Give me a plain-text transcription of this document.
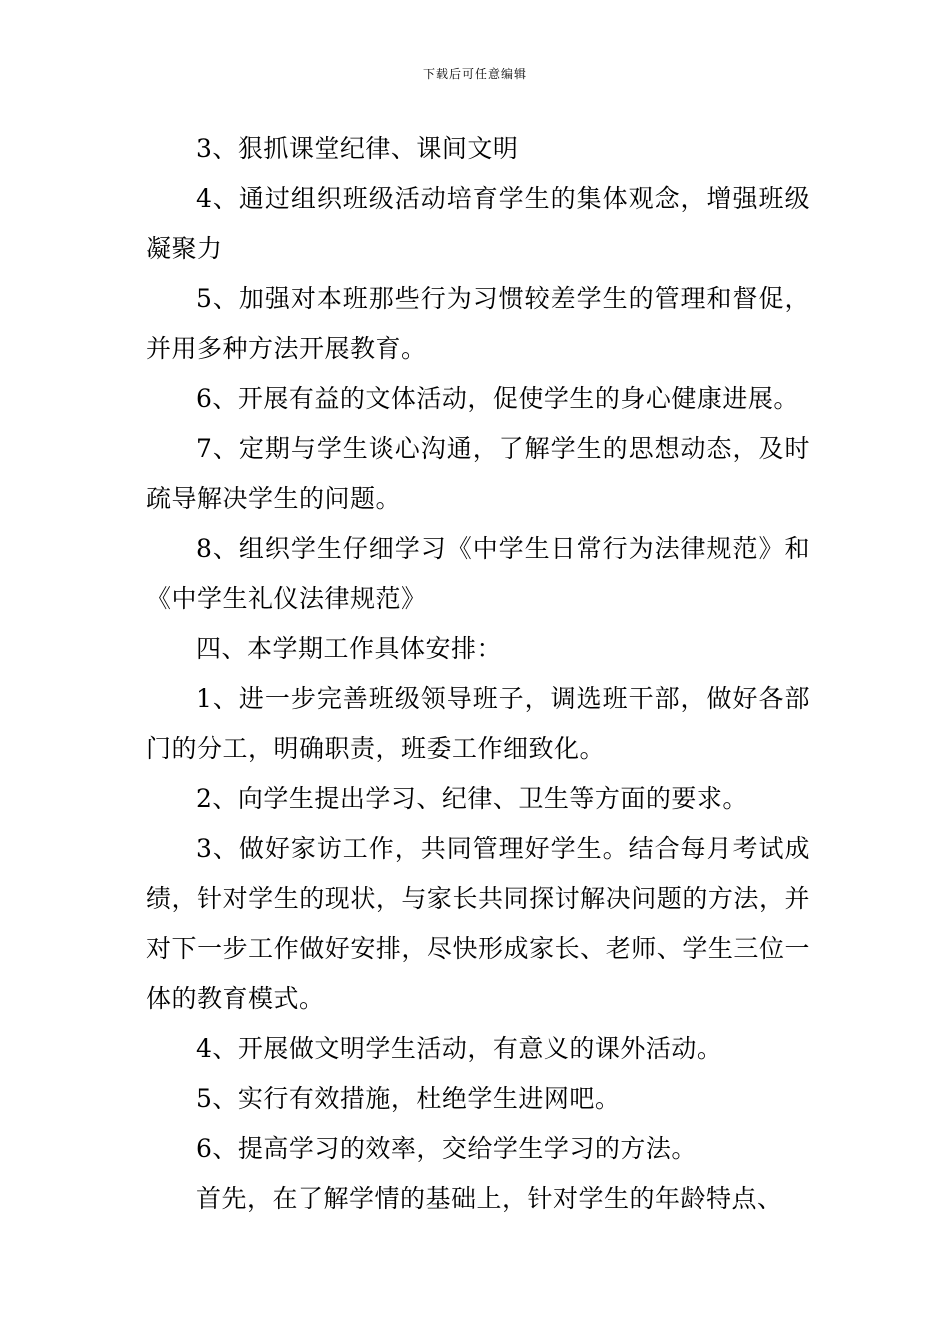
下载后可任意编辑

3、狠抓课堂纪律、课间文明

4、通过组织班级活动培育学生的集体观念，增强班级凝聚力

5、加强对本班那些行为习惯较差学生的管理和督促，并用多种方法开展教育。

6、开展有益的文体活动，促使学生的身心健康进展。

7、定期与学生谈心沟通，了解学生的思想动态，及时疏导解决学生的问题。

8、组织学生仔细学习《中学生日常行为法律规范》和《中学生礼仪法律规范》

四、本学期工作具体安排：

1、进一步完善班级领导班子，调选班干部，做好各部门的分工，明确职责，班委工作细致化。

2、向学生提出学习、纪律、卫生等方面的要求。

3、做好家访工作，共同管理好学生。结合每月考试成绩，针对学生的现状，与家长共同探讨解决问题的方法，并对下一步工作做好安排，尽快形成家长、老师、学生三位一体的教育模式。

4、开展做文明学生活动，有意义的课外活动。

5、实行有效措施，杜绝学生进网吧。

6、提高学习的效率，交给学生学习的方法。

首先，在了解学情的基础上，针对学生的年龄特点、
